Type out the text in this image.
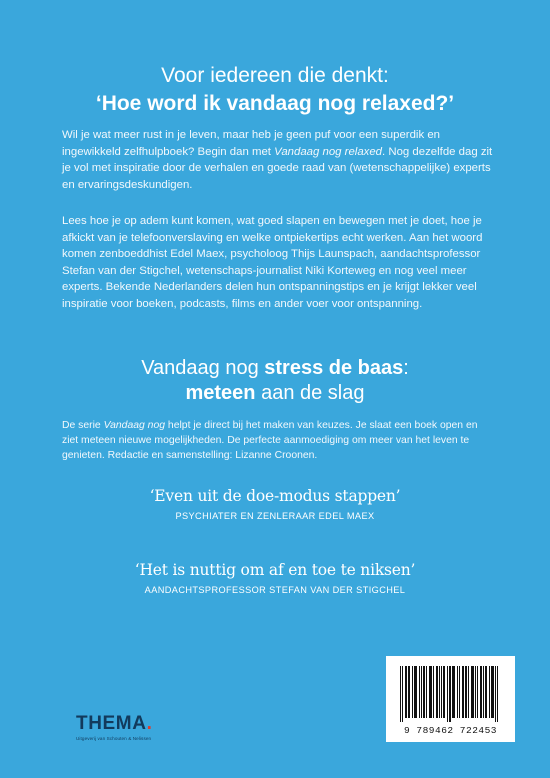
Voor iedereen die denkt:
‘Hoe word ik vandaag nog relaxed?’
Wil je wat meer rust in je leven, maar heb je geen puf voor een superdik en ingewikkeld zelfhulpboek? Begin dan met Vandaag nog relaxed. Nog dezelfde dag zit je vol met inspiratie door de verhalen en goede raad van (wetenschappelijke) experts en ervaringsdeskundigen.
Lees hoe je op adem kunt komen, wat goed slapen en bewegen met je doet, hoe je afkickt van je telefoonverslaving en welke ontpiekertips echt werken. Aan het woord komen zenboeddhist Edel Maex, psycholoog Thijs Launspach, aandachtsprofessor Stefan van der Stigchel, wetenschaps-journalist Niki Korteweg en nog veel meer experts. Bekende Nederlanders delen hun ontspanningstips en je krijgt lekker veel inspiratie voor boeken, podcasts, films en ander voer voor ontspanning.
Vandaag nog stress de baas:
meteen aan de slag
De serie Vandaag nog helpt je direct bij het maken van keuzes. Je slaat een boek open en ziet meteen nieuwe mogelijkheden. De perfecte aanmoediging om meer van het leven te genieten. Redactie en samenstelling: Lizanne Croonen.
‘Even uit de doe-modus stappen’
PSYCHIATER EN ZENLERAAR EDEL MAEX
‘Het is nuttig om af en toe te niksen’
AANDACHTSPROFESSOR STEFAN VAN DER STIGCHEL
THEMA.
Uitgeverij van Schouten & Nelissen
9 789462 722453
